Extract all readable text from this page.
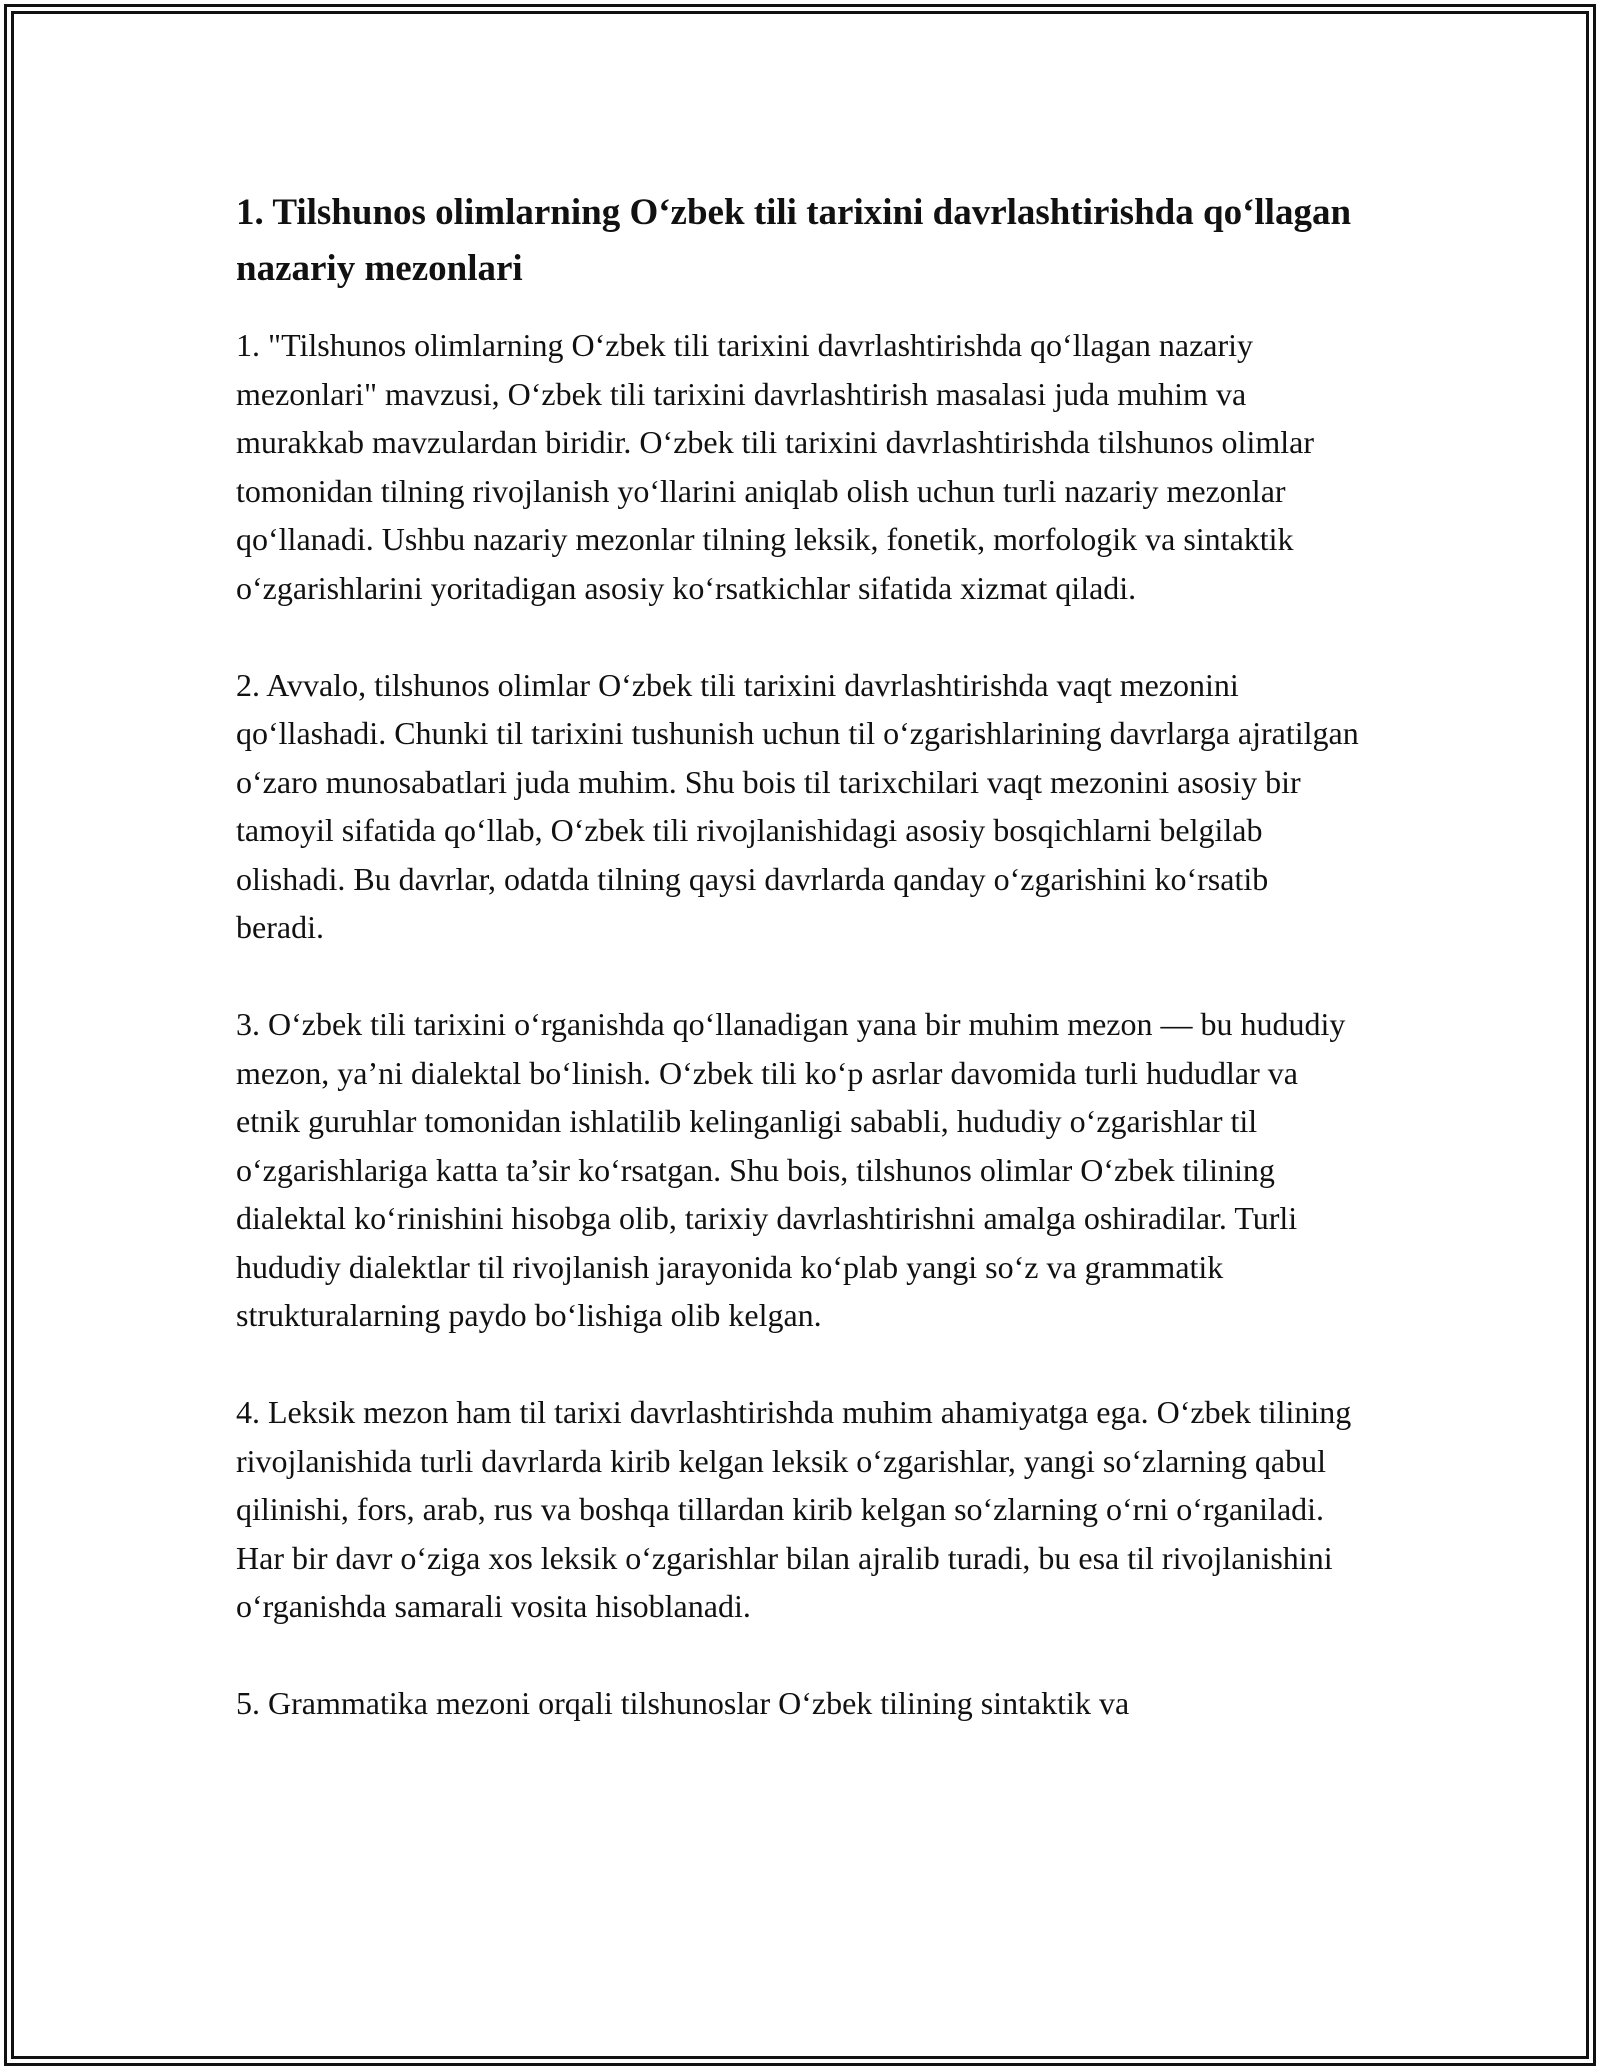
1. Tilshunos olimlarning O‘zbek tili tarixini davrlashtirishda qo‘llagan nazariy mezonlari

1. "Tilshunos olimlarning O‘zbek tili tarixini davrlashtirishda qo‘llagan nazariy mezonlari" mavzusi, O‘zbek tili tarixini davrlashtirish masalasi juda muhim va murakkab mavzulardan biridir. O‘zbek tili tarixini davrlashtirishda tilshunos olimlar tomonidan tilning rivojlanish yo‘llarini aniqlab olish uchun turli nazariy mezonlar qo‘llanadi. Ushbu nazariy mezonlar tilning leksik, fonetik, morfologik va sintaktik o‘zgarishlarini yoritadigan asosiy ko‘rsatkichlar sifatida xizmat qiladi.

2. Avvalo, tilshunos olimlar O‘zbek tili tarixini davrlashtirishda vaqt mezonini qo‘llashadi. Chunki til tarixini tushunish uchun til o‘zgarishlarining davrlarga ajratilgan o‘zaro munosabatlari juda muhim. Shu bois til tarixchilari vaqt mezonini asosiy bir tamoyil sifatida qo‘llab, O‘zbek tili rivojlanishidagi asosiy bosqichlarni belgilab olishadi. Bu davrlar, odatda tilning qaysi davrlarda qanday o‘zgarishini ko‘rsatib beradi.

3. O‘zbek tili tarixini o‘rganishda qo‘llanadigan yana bir muhim mezon — bu hududiy mezon, ya’ni dialektal bo‘linish. O‘zbek tili ko‘p asrlar davomida turli hududlar va etnik guruhlar tomonidan ishlatilib kelinganligi sababli, hududiy o‘zgarishlar til o‘zgarishlariga katta ta’sir ko‘rsatgan. Shu bois, tilshunos olimlar O‘zbek tilining dialektal ko‘rinishini hisobga olib, tarixiy davrlashtirishni amalga oshiradilar. Turli hududiy dialektlar til rivojlanish jarayonida ko‘plab yangi so‘z va grammatik strukturalarning paydo bo‘lishiga olib kelgan.

4. Leksik mezon ham til tarixi davrlashtirishda muhim ahamiyatga ega. O‘zbek tilining rivojlanishida turli davrlarda kirib kelgan leksik o‘zgarishlar, yangi so‘zlarning qabul qilinishi, fors, arab, rus va boshqa tillardan kirib kelgan so‘zlarning o‘rni o‘rganiladi. Har bir davr o‘ziga xos leksik o‘zgarishlar bilan ajralib turadi, bu esa til rivojlanishini o‘rganishda samarali vosita hisoblanadi.

5. Grammatika mezoni orqali tilshunoslar O‘zbek tilining sintaktik va
